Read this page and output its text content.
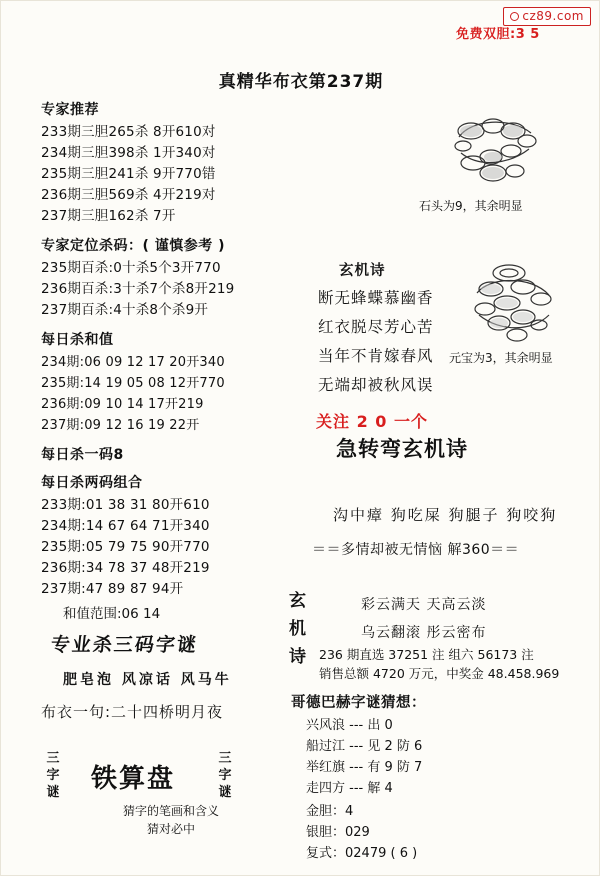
cz89.com
免费双胆:3 5
真精华布衣第237期
专家推荐
233期三胆265杀 8开610对
234期三胆398杀 1开340对
235期三胆241杀 9开770错
236期三胆569杀 4开219对
237期三胆162杀 7开
专家定位杀码：( 谨慎参考 )
235期百杀:0十杀5个3开770
236期百杀:3十杀7个杀8开219
237期百杀:4十杀8个杀9开
每日杀和值
234期:06 09 12 17 20开340
235期:14 19 05 08 12开770
236期:09 10 14 17开219
237期:09 12 16 19 22开
每日杀一码8
每日杀两码组合
233期:01 38 31 80开610
234期:14 67 64 71开340
235期:05 79 75 90开770
236期:34 78 37 48开219
237期:47 89 87 94开
和值范围:06 14
专业杀三码字谜
肥皂泡 风凉话 风马牛
布衣一句:二十四桥明月夜
三字谜
三字谜
铁算盘
猜字的笔画和含义
猜对必中
石头为9，其余明显
元宝为3，其余明显
玄机诗
断无蜂蝶慕幽香
红衣脱尽芳心苦
当年不肯嫁春风
无端却被秋风误
关注 2 0 一个
急转弯玄机诗
沟中瘴 狗吃屎 狗腿子 狗咬狗
＝＝多情却被无情恼 解360＝＝
玄
机
诗
彩云满天 天高云淡
乌云翻滚 彤云密布
236 期直选 37251 注 组六 56173 注
销售总额 4720 万元，中奖金 48.458.969
哥德巴赫字谜猜想：
兴风浪 --- 出 0
船过江 --- 见 2 防 6
举红旗 --- 有 9 防 7
走四方 --- 解 4
金胆：4
银胆：029
复式：02479 ( 6 )
